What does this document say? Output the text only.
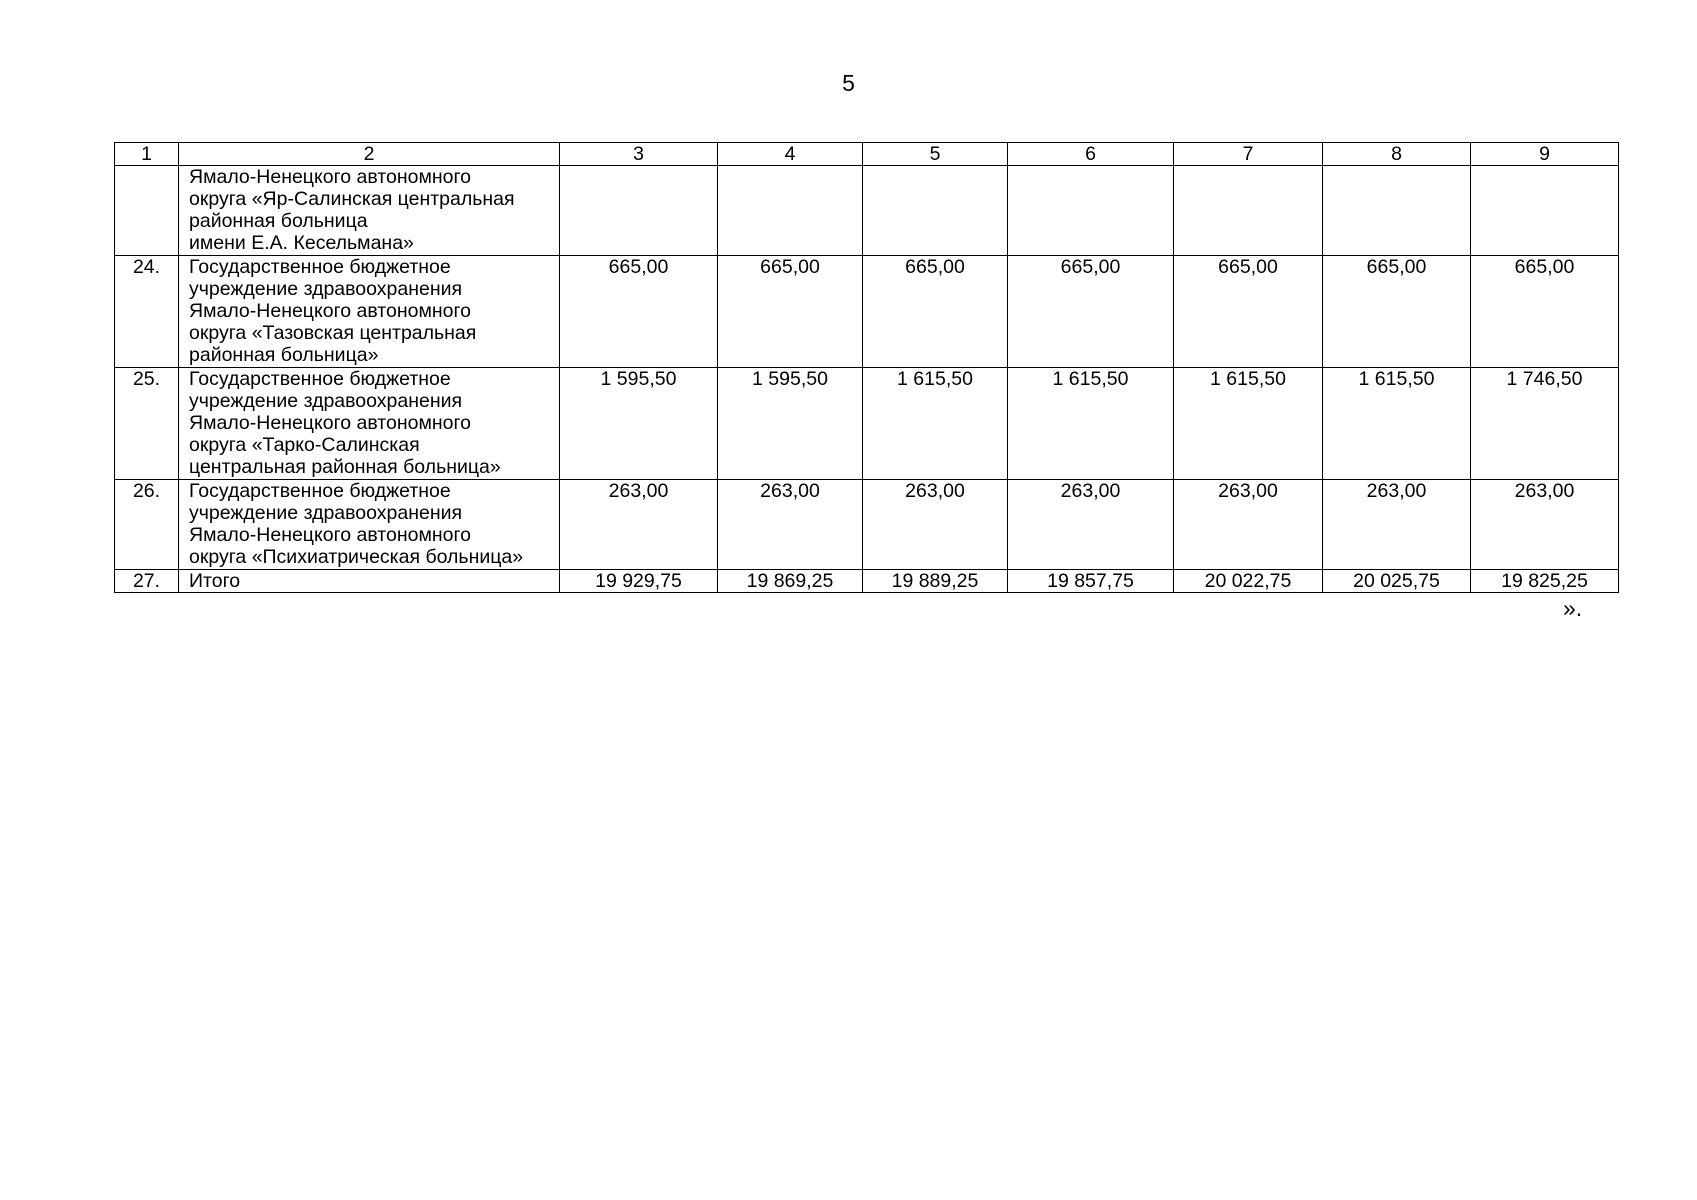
5
1	2	3	4	5	6	7	8	9

	Ямало-Ненецкого автономного
округа «Яр-Салинская центральная
районная больница
имени Е.А. Кесельмана»							

24.	Государственное бюджетное
учреждение здравоохранения
Ямало-Ненецкого автономного
округа «Тазовская центральная
районная больница»	665,00	665,00	665,00	665,00	665,00	665,00	665,00
25.	Государственное бюджетное
учреждение здравоохранения
Ямало-Ненецкого автономного
округа «Тарко-Салинская
центральная районная больница»	1 595,50	1 595,50	1 615,50	1 615,50	1 615,50	1 615,50	1 746,50
26.	Государственное бюджетное
учреждение здравоохранения
Ямало-Ненецкого автономного
округа «Психиатрическая больница»	263,00	263,00	263,00	263,00	263,00	263,00	263,00
27.	Итого	19 929,75	19 869,25	19 889,25	19 857,75	20 022,75	20 025,75	19 825,25
».
